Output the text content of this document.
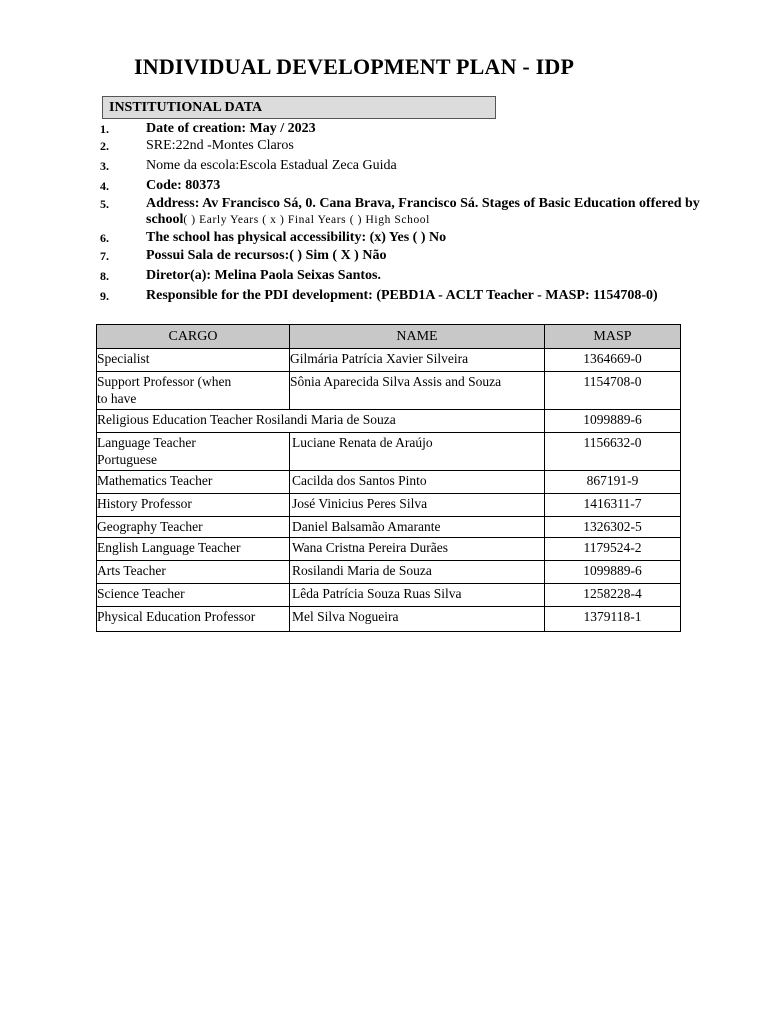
INDIVIDUAL DEVELOPMENT PLAN - IDP
INSTITUTIONAL DATA
1.	Date of creation: May / 2023
2.	SRE:22nd -Montes Claros
3.	Nome da escola:Escola Estadual Zeca Guida
4.	Code: 80373
5.	Address: Av Francisco Sá, 0. Cana Brava, Francisco Sá. Stages of Basic Education offered by
school( ) Early Years ( x ) Final Years ( ) High School
6.	The school has physical accessibility: (x) Yes ( ) No
7.	Possui Sala de recursos:( ) Sim ( X ) Não
8.	Diretor(a): Melina Paola Seixas Santos.
9.	Responsible for the PDI development: (PEBD1A - ACLT Teacher - MASP: 1154708-0)
CARGO	NAME	MASP
Specialist	Gilmária Patrícia Xavier Silveira	1364669-0
Support Professor (when
to have	Sônia Aparecida Silva Assis and Souza	1154708-0
Religious Education Teacher Rosilandi Maria de Souza		1099889-6
Language Teacher
Portuguese	Luciane Renata de Araújo	1156632-0
Mathematics Teacher	Cacilda dos Santos Pinto	867191-9
History Professor	José Vinicius Peres Silva	1416311-7
Geography Teacher	Daniel Balsamão Amarante	1326302-5
English Language Teacher	Wana Cristna Pereira Durães	1179524-2
Arts Teacher	Rosilandi Maria de Souza	1099889-6
Science Teacher	Lêda Patrícia Souza Ruas Silva	1258228-4
Physical Education Professor	Mel Silva Nogueira	1379118-1
